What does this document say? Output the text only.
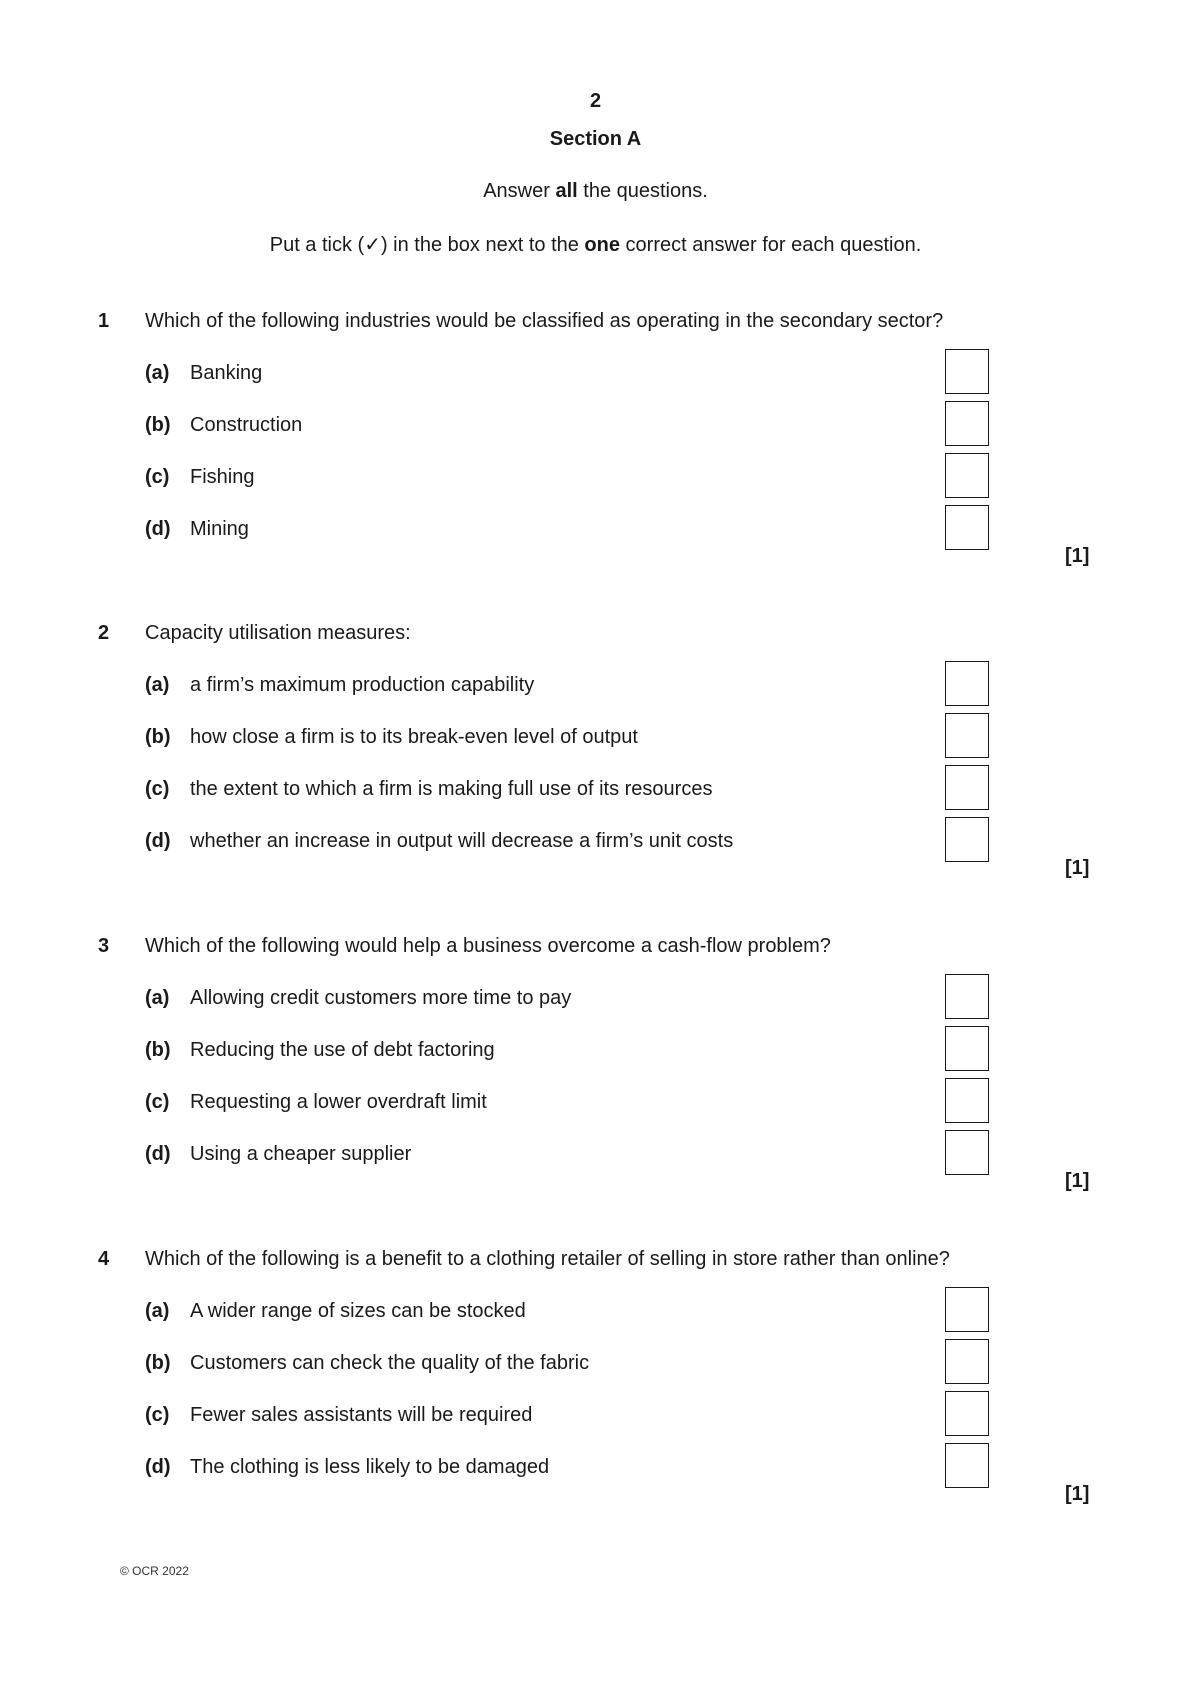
2
Section A
Answer all the questions.
Put a tick (✓) in the box next to the one correct answer for each question.
1 Which of the following industries would be classified as operating in the secondary sector?
(a) Banking
(b) Construction
(c) Fishing
(d) Mining
[1]
2 Capacity utilisation measures:
(a) a firm’s maximum production capability
(b) how close a firm is to its break-even level of output
(c) the extent to which a firm is making full use of its resources
(d) whether an increase in output will decrease a firm’s unit costs
[1]
3 Which of the following would help a business overcome a cash-flow problem?
(a) Allowing credit customers more time to pay
(b) Reducing the use of debt factoring
(c) Requesting a lower overdraft limit
(d) Using a cheaper supplier
[1]
4 Which of the following is a benefit to a clothing retailer of selling in store rather than online?
(a) A wider range of sizes can be stocked
(b) Customers can check the quality of the fabric
(c) Fewer sales assistants will be required
(d) The clothing is less likely to be damaged
[1]
© OCR 2022
